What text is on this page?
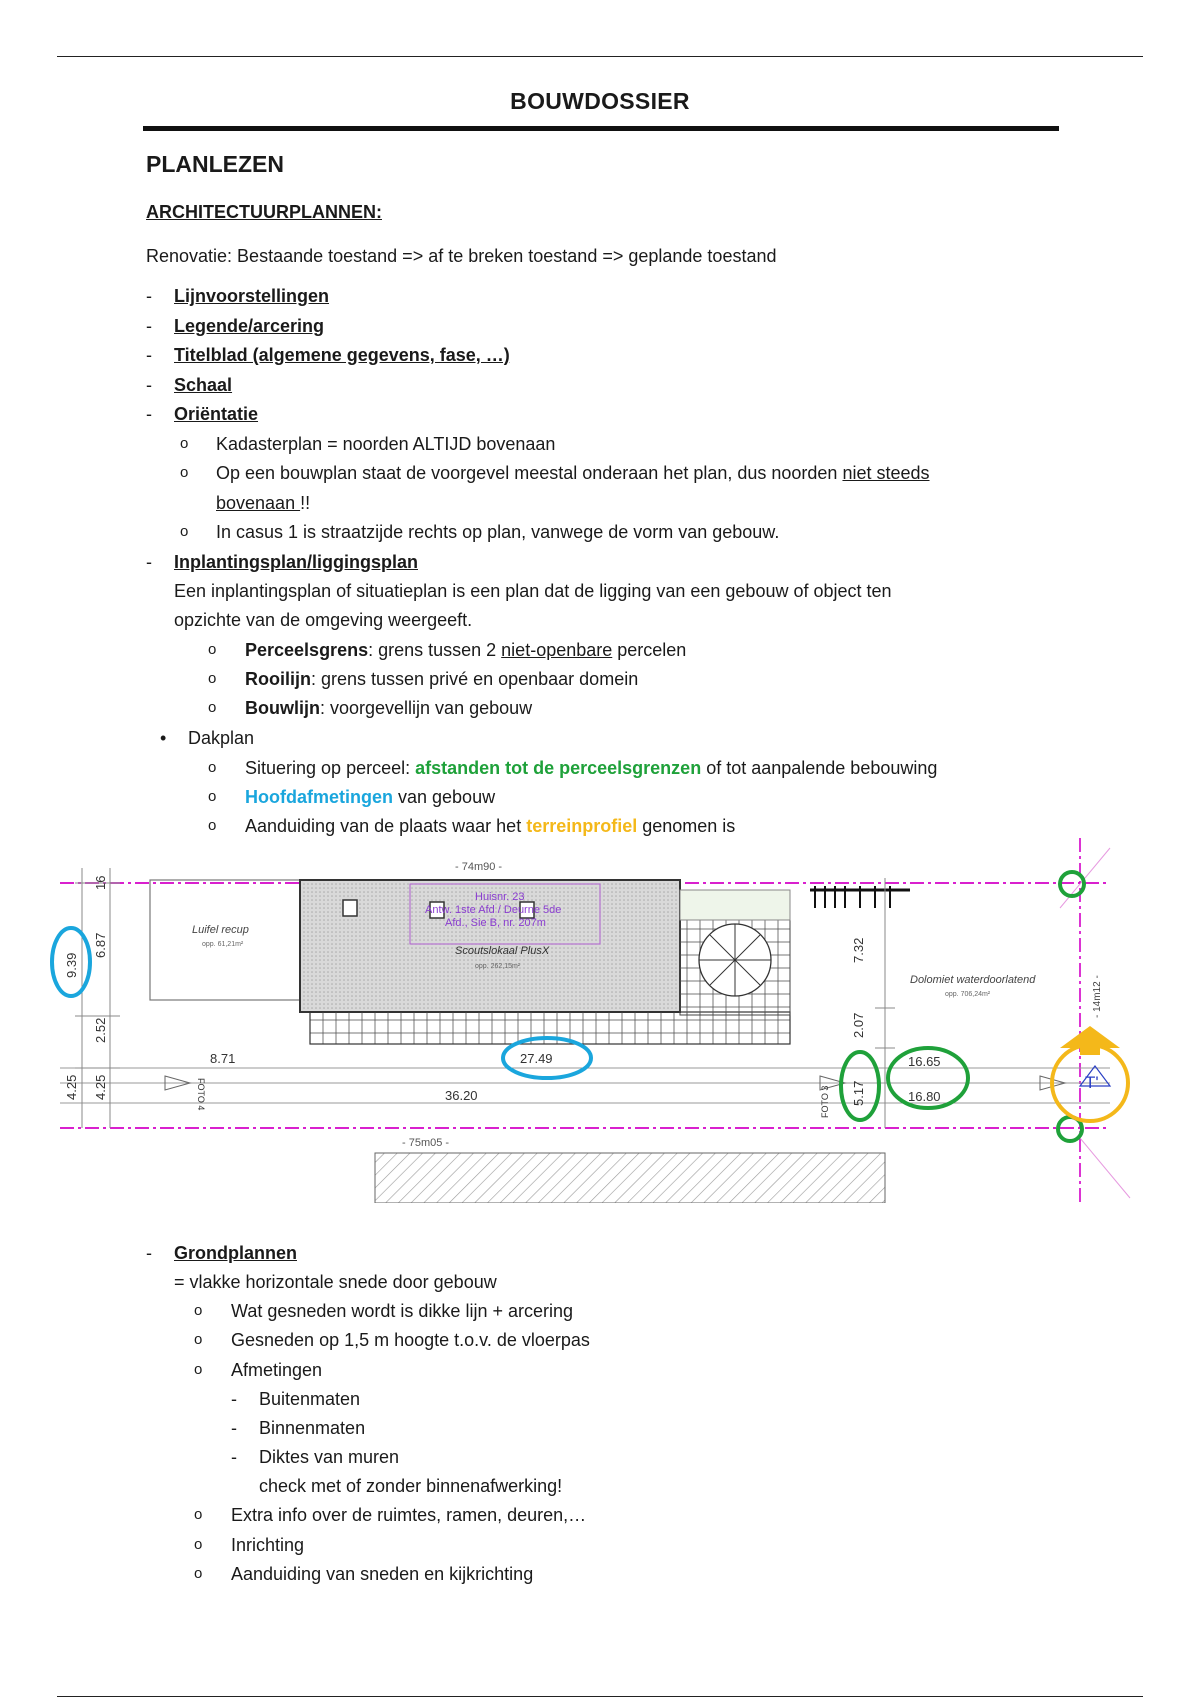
BOUWDOSSIER
PLANLEZEN
ARCHITECTUURPLANNEN:
Renovatie: Bestaande toestand => af te breken toestand => geplande toestand
- Lijnvoorstellingen
- Legende/arcering
- Titelblad (algemene gegevens, fase, …)
- Schaal
- Oriëntatie
o Kadasterplan = noorden ALTIJD bovenaan
o Op een bouwplan staat de voorgevel meestal onderaan het plan, dus noorden niet steeds
bovenaan !!
o In casus 1 is straatzijde rechts op plan, vanwege de vorm van gebouw.
- Inplantingsplan/liggingsplan
Een inplantingsplan of situatieplan is een plan dat de ligging van een gebouw of object ten
opzichte van de omgeving weergeeft.
o Perceelsgrens: grens tussen 2 niet-openbare percelen
o Rooilijn: grens tussen privé en openbaar domein
o Bouwlijn: voorgevellijn van gebouw
• Dakplan
o Situering op perceel: afstanden tot de perceelsgrenzen of tot aanpalende bebouwing
o Hoofdafmetingen van gebouw
o Aanduiding van de plaats waar het terreinprofiel genomen is
- 74m90 -
- 75m05 -
Luifel recup
opp. 61,21m²
Huisnr. 23
Antw. 1ste Afd / Deurne 5de
Afd., Sie B, nr. 207m
Scoutslokaal PlusX
opp. 262,15m²
Dolomiet waterdoorlatend
opp. 706,24m²
16
6.87
9.39
2.52
4.25 4.25
8.71	27.49
36.20
FOTO 4	FOTO 3
7.32
2.07
5.17
16.65
16.80
- 14m12 -
T'
- Grondplannen
= vlakke horizontale snede door gebouw
o Wat gesneden wordt is dikke lijn + arcering
o Gesneden op 1,5 m hoogte t.o.v. de vloerpas
o Afmetingen
- Buitenmaten
- Binnenmaten
- Diktes van muren
check met of zonder binnenafwerking!
o Extra info over de ruimtes, ramen, deuren,…
o Inrichting
o Aanduiding van sneden en kijkrichting
